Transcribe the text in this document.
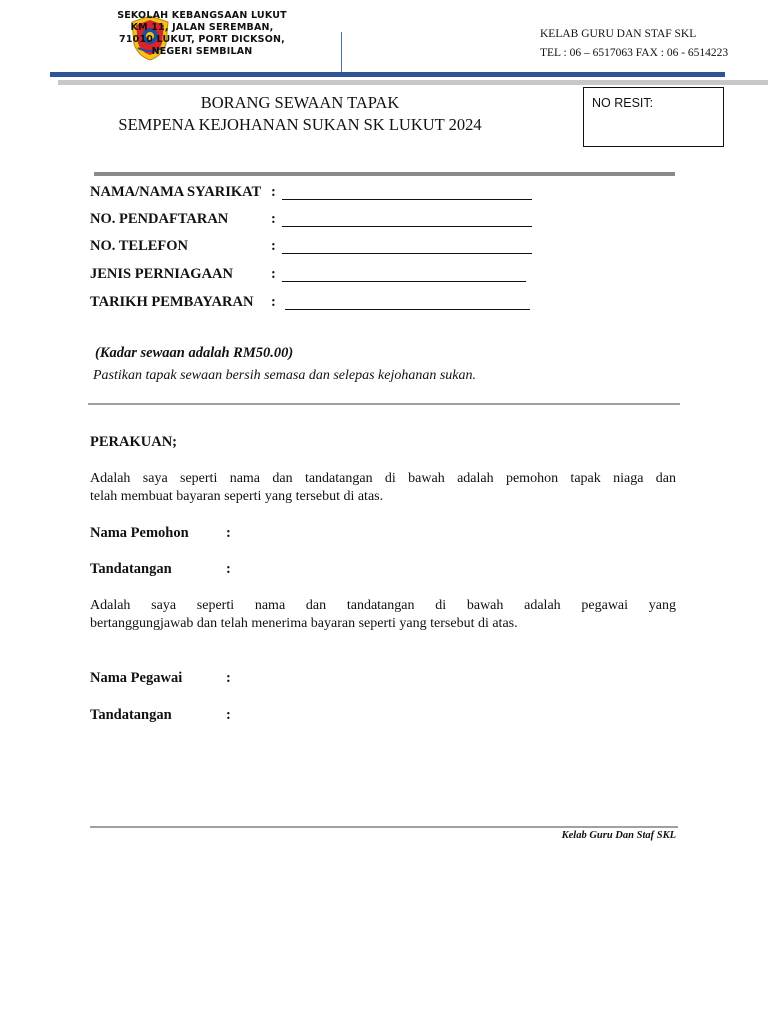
SEKOLAH KEBANGSAAN LUKUT
KM 11, JALAN SEREMBAN,
71010 LUKUT, PORT DICKSON,
NEGERI SEMBILAN
KELAB GURU DAN STAF SKL
TEL : 06 – 6517063 FAX : 06 - 6514223
NO RESIT:
BORANG SEWAAN TAPAK
SEMPENA KEJOHANAN SUKAN SK LUKUT 2024
NAMA/NAMA SYARIKAT :
NO. PENDAFTARAN	:
NO. TELEFON	:
JENIS PERNIAGAAN	:
TARIKH PEMBAYARAN :
(Kadar sewaan adalah RM50.00)
Pastikan tapak sewaan bersih semasa dan selepas kejohanan sukan.
PERAKUAN;
Adalah saya seperti nama dan tandatangan di bawah adalah pemohon tapak niaga dan
telah membuat bayaran seperti yang tersebut di atas.
Nama Pemohon	:
Tandatangan	:
Adalah saya seperti nama dan tandatangan di bawah adalah pegawai yang
bertanggungjawab dan telah menerima bayaran seperti yang tersebut di atas.
Nama Pegawai	:
Tandatangan	:
Kelab Guru Dan Staf SKL
